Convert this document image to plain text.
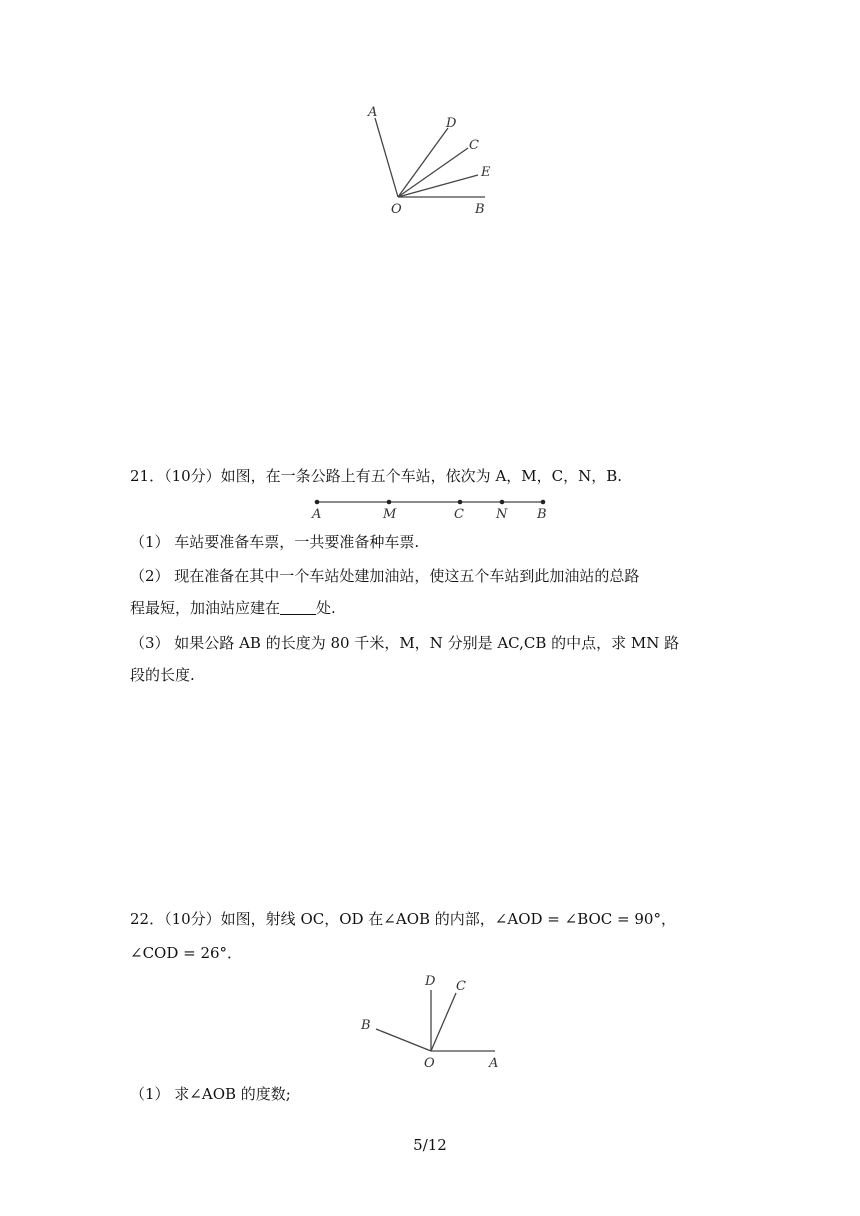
A
D
C
E
O	B
21．（10分）如图，在一条公路上有五个车站，依次为 A，M，C，N，B.
A	M	C N B
（1） 车站要准备车票，一共要准备种车票.
（2） 现在准备在其中一个车站处建加油站，使这五个车站到此加油站的总路
程最短，加油站应建在 处.
（3） 如果公路 AB 的长度为 80 千米，M，N 分别是 AC,CB 的中点，求 MN 路
段的长度.
22．（10分）如图，射线 OC，OD 在∠AOB 的内部，∠AOD = ∠BOC = 90°，
∠COD = 26°．
D C
B
O	A
（1） 求∠AOB 的度数;
5/12
